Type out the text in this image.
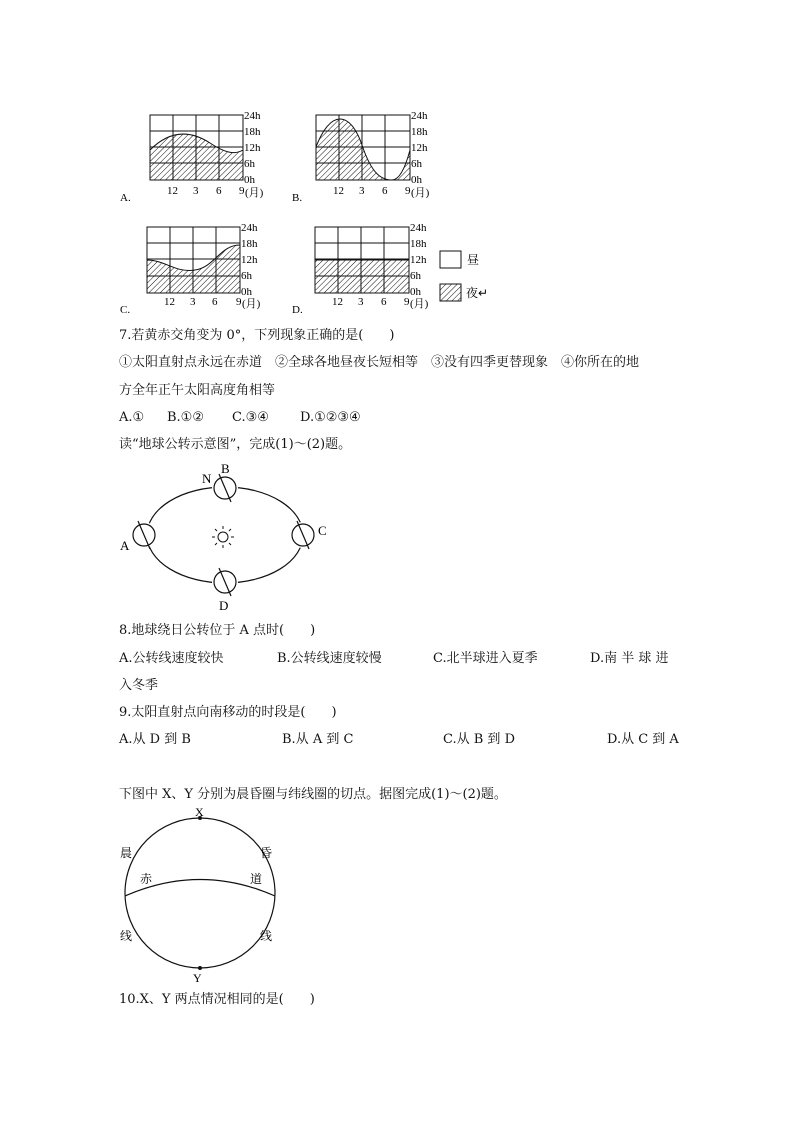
24h
18h
12h
6h
0h
12 3 6 9 (月)
A.
24h
18h
12h
6h
0h
12 3 6 9 (月)
B.
24h
18h
12h
6h
0h
12 3 6 9 (月)
C.
24h
18h
12h
6h
0h
12 3 6 9 (月)
D.
昼
夜↵
7.若黄赤交角变为 0°，下列现象正确的是(　　)
①太阳直射点永远在赤道　②全球各地昼夜长短相等　③没有四季更替现象　④你所在的地
方全年正午太阳高度角相等
A.① B.①② C.③④ D.①②③④
读“地球公转示意图”，完成(1)～(2)题。
B
N
A
C
D
8.地球绕日公转位于 A 点时(　　)
A.公转线速度较快	B.公转线速度较慢	C.北半球进入夏季	D.南 半 球 进
入冬季
9.太阳直射点向南移动的时段是(　　)
A.从 D 到 B	B.从 A 到 C	C.从 B 到 D	D.从 C 到 A
下图中 X、Y 分别为晨昏圈与纬线圈的切点。据图完成(1)～(2)题。
X
Y
晨	昏
赤	道
线	线
10.X、Y 两点情况相同的是(　　)
